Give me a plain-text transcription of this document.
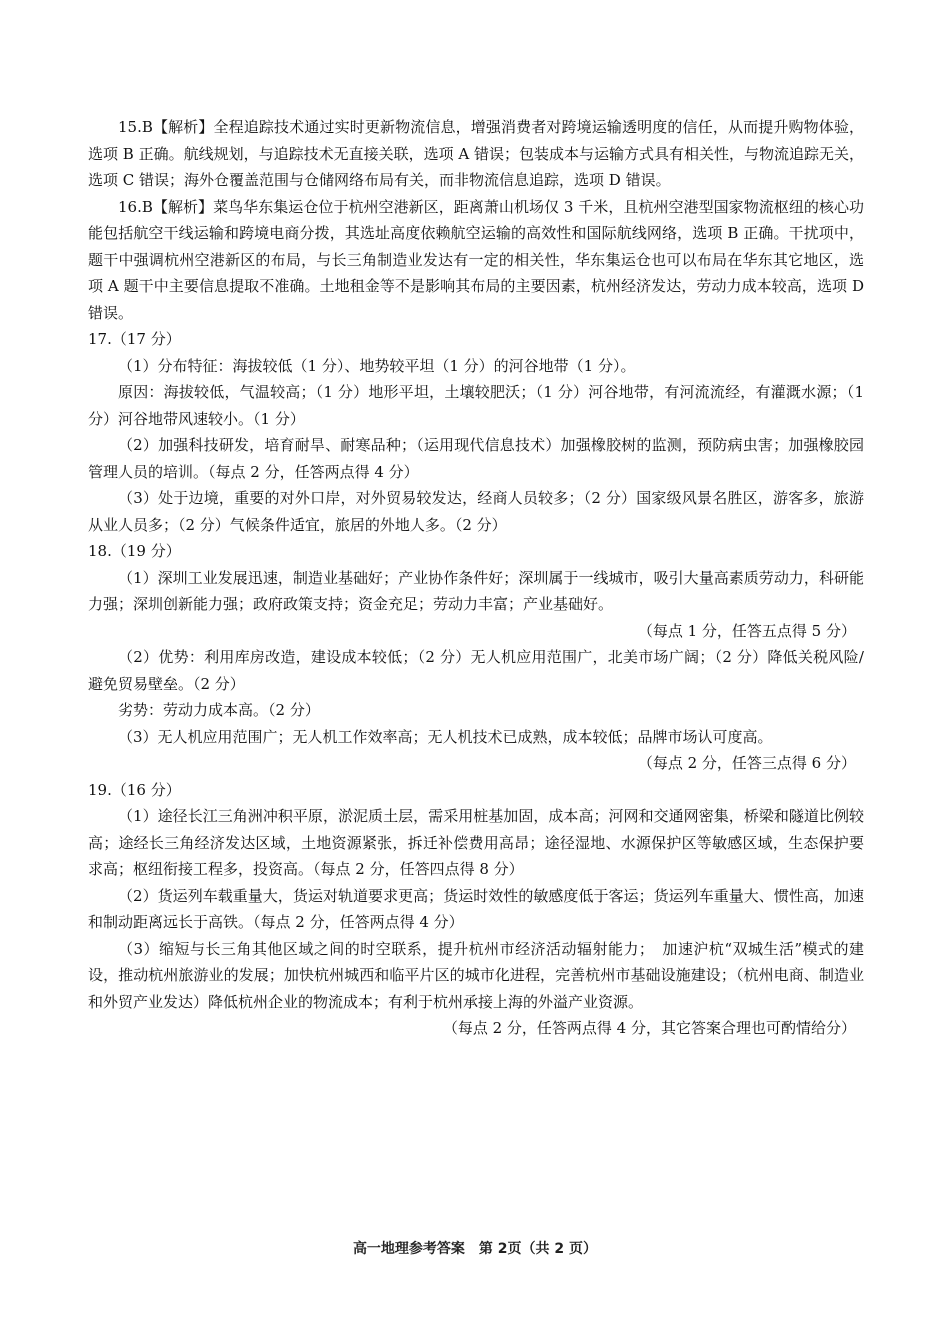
15.B【解析】全程追踪技术通过实时更新物流信息，增强消费者对跨境运输透明度的信任，从而提升购物体验，选项 B 正确。航线规划，与追踪技术无直接关联，选项 A 错误；包装成本与运输方式具有相关性，与物流追踪无关，选项 C 错误；海外仓覆盖范围与仓储网络布局有关，而非物流信息追踪，选项 D 错误。

16.B【解析】菜鸟华东集运仓位于杭州空港新区，距离萧山机场仅 3 千米，且杭州空港型国家物流枢纽的核心功能包括航空干线运输和跨境电商分拨，其选址高度依赖航空运输的高效性和国际航线网络，选项 B 正确。干扰项中，题干中强调杭州空港新区的布局，与长三角制造业发达有一定的相关性，华东集运仓也可以布局在华东其它地区，选项 A 题干中主要信息提取不准确。土地租金等不是影响其布局的主要因素，杭州经济发达，劳动力成本较高，选项 D 错误。

17.（17 分）

（1）分布特征：海拔较低（1 分）、地势较平坦（1 分）的河谷地带（1 分）。

原因：海拔较低，气温较高；（1 分）地形平坦，土壤较肥沃；（1 分）河谷地带，有河流流经，有灌溉水源；（1 分）河谷地带风速较小。（1 分）

（2）加强科技研发，培育耐旱、耐寒品种；（运用现代信息技术）加强橡胶树的监测，预防病虫害；加强橡胶园管理人员的培训。（每点 2 分，任答两点得 4 分）

（3）处于边境，重要的对外口岸，对外贸易较发达，经商人员较多；（2 分）国家级风景名胜区，游客多，旅游从业人员多；（2 分）气候条件适宜，旅居的外地人多。（2 分）

18.（19 分）

（1）深圳工业发展迅速，制造业基础好；产业协作条件好；深圳属于一线城市，吸引大量高素质劳动力，科研能力强；深圳创新能力强；政府政策支持；资金充足；劳动力丰富；产业基础好。

（每点 1 分，任答五点得 5 分）

（2）优势：利用库房改造，建设成本较低；（2 分）无人机应用范围广，北美市场广阔；（2 分）降低关税风险/避免贸易壁垒。（2 分）

劣势：劳动力成本高。（2 分）

（3）无人机应用范围广；无人机工作效率高；无人机技术已成熟，成本较低；品牌市场认可度高。

（每点 2 分，任答三点得 6 分）

19.（16 分）

（1）途径长江三角洲冲积平原，淤泥质土层，需采用桩基加固，成本高；河网和交通网密集，桥梁和隧道比例较高；途经长三角经济发达区域，土地资源紧张，拆迁补偿费用高昂；途径湿地、水源保护区等敏感区域，生态保护要求高；枢纽衔接工程多，投资高。（每点 2 分，任答四点得 8 分）

（2）货运列车载重量大，货运对轨道要求更高；货运时效性的敏感度低于客运；货运列车重量大、惯性高，加速和制动距离远长于高铁。（每点 2 分，任答两点得 4 分）

（3）缩短与长三角其他区域之间的时空联系，提升杭州市经济活动辐射能力；　加速沪杭“双城生活”模式的建设，推动杭州旅游业的发展；加快杭州城西和临平片区的城市化进程，完善杭州市基础设施建设；（杭州电商、制造业和外贸产业发达）降低杭州企业的物流成本；有利于杭州承接上海的外溢产业资源。

（每点 2 分，任答两点得 4 分，其它答案合理也可酌情给分）

高一地理参考答案　第 2页（共 2 页）
